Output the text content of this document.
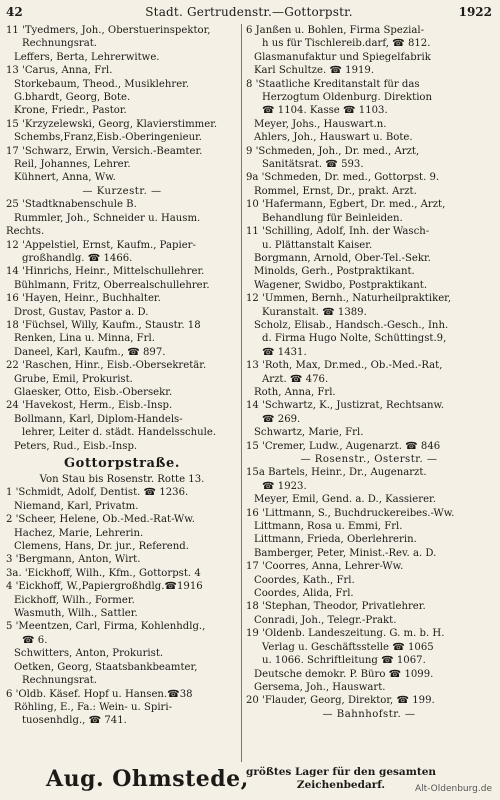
42	Stadt. Gertrudenstr.—Gottorpstr.	1922
11 'Tyedmers, Joh., Oberstuerinspektor,
Rechnungsrat.
Leffers, Berta, Lehrerwitwe.
13 'Carus, Anna, Frl.
Storkebaum, Theod., Musiklehrer.
G.bhardt, Georg, Bote.
Krone, Friedr., Pastor.
15 'Krzyzelewski, Georg, Klavierstimmer.
Schembs,Franz,Eisb.-Oberingenieur.
17 'Schwarz, Erwin, Versich.-Beamter.
Reil, Johannes, Lehrer.
Kühnert, Anna, Ww.
— Kurzestr. —
25 'Stadtknabenschule B.
Rummler, Joh., Schneider u. Hausm.
Rechts.
12 'Appelstiel, Ernst, Kaufm., Papier-
großhandlg. ☎ 1466.
14 'Hinrichs, Heinr., Mittelschullehrer.
Bühlmann, Fritz, Oberrealschullehrer.
16 'Hayen, Heinr., Buchhalter.
Drost, Gustav, Pastor a. D.
18 'Füchsel, Willy, Kaufm., Staustr. 18
Renken, Lina u. Minna, Frl.
Daneel, Karl, Kaufm., ☎ 897.
22 'Raschen, Hinr., Eisb.-Obersekretär.
Grube, Emil, Prokurist.
Glaesker, Otto, Eisb.-Obersekr.
24 'Havekost, Herm., Eisb.-Insp.
Bollmann, Karl, Diplom-Handels-
lehrer, Leiter d. städt. Handelsschule.
Peters, Rud., Eisb.-Insp.
Gottorpstraße.
Von Stau bis Rosenstr. Rotte 13.
1 'Schmidt, Adolf, Dentist. ☎ 1236.
Niemand, Karl, Privatm.
2 'Scheer, Helene, Ob.-Med.-Rat-Ww.
Hachez, Marie, Lehrerin.
Clemens, Hans, Dr. jur., Referend.
3 'Bergmann, Anton, Wirt.
3a. 'Eickhoff, Wilh., Kfm., Gottorpst. 4
4 'Eickhoff, W.,Papiergroßhdlg.☎1916
Eickhoff, Wilh., Former.
Wasmuth, Wilh., Sattler.
5 'Meentzen, Carl, Firma, Kohlenhdlg.,
☎ 6.
Schwitters, Anton, Prokurist.
Oetken, Georg, Staatsbankbeamter,
Rechnungsrat.
6 'Oldb. Käsef. Hopf u. Hansen.☎38
Röhling, E., Fa.: Wein- u. Spiri-
tuosenhdlg., ☎ 741.
6 Janßen u. Bohlen, Firma Spezial-
h us für Tischlereib.darf, ☎ 812.
Glasmanufaktur und Spiegelfabrik
Karl Schultze. ☎ 1919.
8 'Staatliche Kreditanstalt für das
Herzogtum Oldenburg. Direktion
☎ 1104. Kasse ☎ 1103.
Meyer, Johs., Hauswart.n.
Ahlers, Joh., Hauswart u. Bote.
9 'Schmeden, Joh., Dr. med., Arzt,
Sanitätsrat. ☎ 593.
9a 'Schmeden, Dr. med., Gottorpst. 9.
Rommel, Ernst, Dr., prakt. Arzt.
10 'Hafermann, Egbert, Dr. med., Arzt,
Behandlung für Beinleiden.
11 'Schilling, Adolf, Inh. der Wasch-
u. Plättanstalt Kaiser.
Borgmann, Arnold, Ober-Tel.-Sekr.
Minolds, Gerh., Postpraktikant.
Wagener, Swidbo, Postpraktikant.
12 'Ummen, Bernh., Naturheilpraktiker,
Kuranstalt. ☎ 1389.
Scholz, Elisab., Handsch.-Gesch., Inh.
d. Firma Hugo Nolte, Schüttingst.9,
☎ 1431.
13 'Roth, Max, Dr.med., Ob.-Med.-Rat,
Arzt. ☎ 476.
Roth, Anna, Frl.
14 'Schwartz, K., Justizrat, Rechtsanw.
☎ 269.
Schwartz, Marie, Frl.
15 'Cremer, Ludw., Augenarzt. ☎ 846
— Rosenstr., Osterstr. —
15a Bartels, Heinr., Dr., Augenarzt.
☎ 1923.
Meyer, Emil, Gend. a. D., Kassierer.
16 'Littmann, S., Buchdruckereibes.-Ww.
Littmann, Rosa u. Emmi, Frl.
Littmann, Frieda, Oberlehrerin.
Bamberger, Peter, Minist.-Rev. a. D.
17 'Coorres, Anna, Lehrer-Ww.
Coordes, Kath., Frl.
Coordes, Alida, Frl.
18 'Stephan, Theodor, Privatlehrer.
Conradi, Joh., Telegr.-Prakt.
19 'Oldenb. Landeszeitung. G. m. b. H.
Verlag u. Geschäftsstelle ☎ 1065
u. 1066. Schriftleitung ☎ 1067.
Deutsche demokr. P. Büro ☎ 1099.
Gersema, Joh., Hauswart.
20 'Flauder, Georg, Direktor, ☎ 199.
— Bahnhofstr. —
Aug. Ohmstede,
größtes Lager für den gesamten
Zeichenbedarf.	Alt-Oldenburg.de
